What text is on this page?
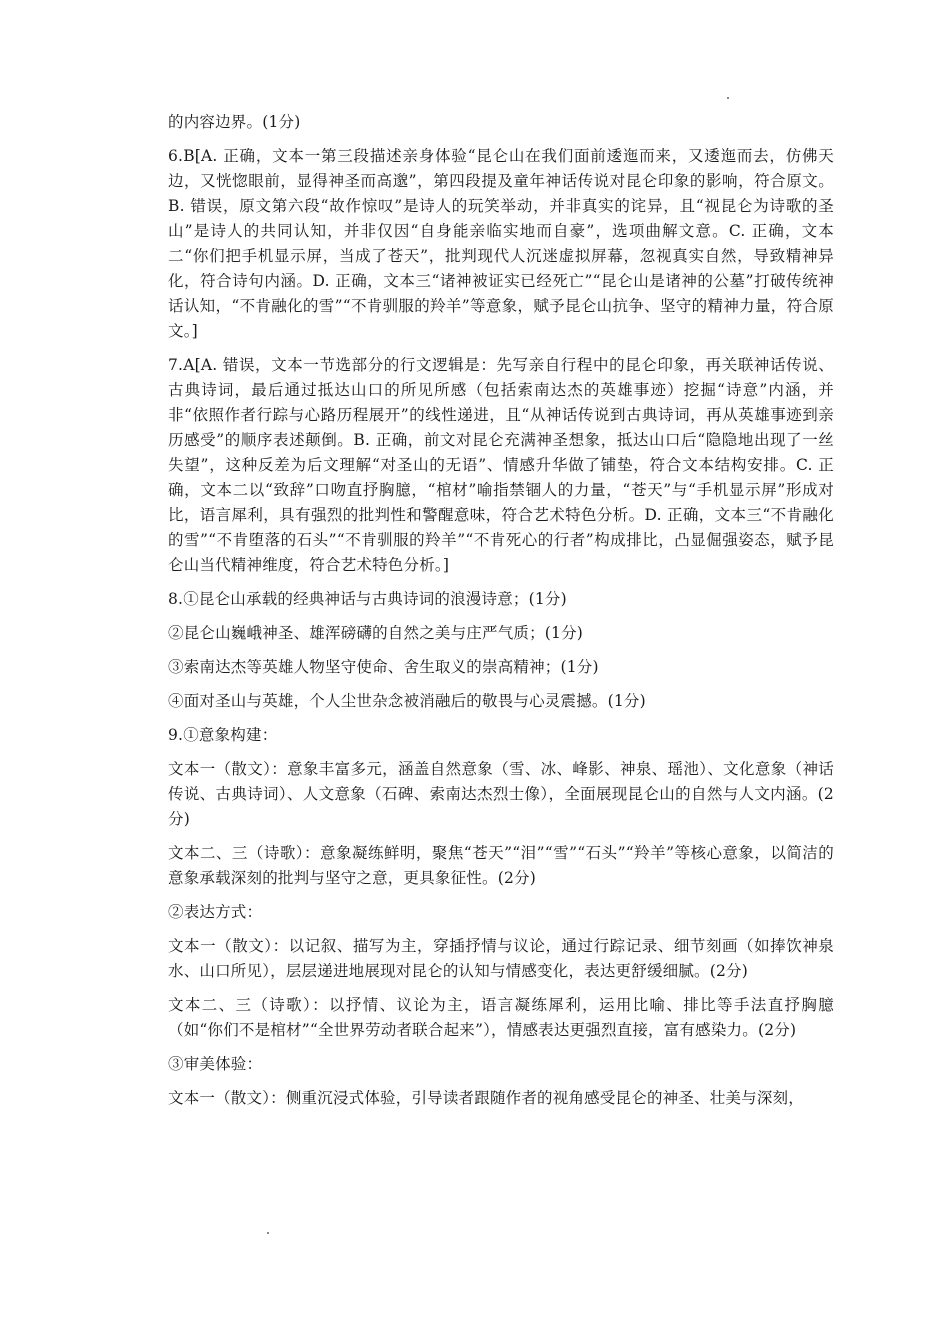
的内容边界。(1分)

6.B[A. 正确，文本一第三段描述亲身体验“昆仑山在我们面前逶迤而来，又逶迤而去，仿佛天边，又恍惚眼前，显得神圣而高邈”，第四段提及童年神话传说对昆仑印象的影响，符合原文。B. 错误，原文第六段“故作惊叹”是诗人的玩笑举动，并非真实的诧异，且“视昆仑为诗歌的圣山”是诗人的共同认知，并非仅因“自身能亲临实地而自豪”，选项曲解文意。C. 正确，文本二“你们把手机显示屏，当成了苍天”，批判现代人沉迷虚拟屏幕，忽视真实自然，导致精神异化，符合诗句内涵。D. 正确，文本三“诸神被证实已经死亡”“昆仑山是诸神的公墓”打破传统神话认知，“不肯融化的雪”“不肯驯服的羚羊”等意象，赋予昆仑山抗争、坚守的精神力量，符合原文。]

7.A[A. 错误，文本一节选部分的行文逻辑是：先写亲自行程中的昆仑印象，再关联神话传说、古典诗词，最后通过抵达山口的所见所感（包括索南达杰的英雄事迹）挖掘“诗意”内涵，并非“依照作者行踪与心路历程展开”的线性递进，且“从神话传说到古典诗词，再从英雄事迹到亲历感受”的顺序表述颠倒。B. 正确，前文对昆仑充满神圣想象，抵达山口后“隐隐地出现了一丝失望”，这种反差为后文理解“对圣山的无语”、情感升华做了铺垫，符合文本结构安排。C. 正确，文本二以“致辞”口吻直抒胸臆，“棺材”喻指禁锢人的力量，“苍天”与“手机显示屏”形成对比，语言犀利，具有强烈的批判性和警醒意味，符合艺术特色分析。D. 正确，文本三“不肯融化的雪”“不肯堕落的石头”“不肯驯服的羚羊”“不肯死心的行者”构成排比，凸显倔强姿态，赋予昆仑山当代精神维度，符合艺术特色分析。]

8.①昆仑山承载的经典神话与古典诗词的浪漫诗意；(1分)

②昆仑山巍峨神圣、雄浑磅礴的自然之美与庄严气质；(1分)

③索南达杰等英雄人物坚守使命、舍生取义的崇高精神；(1分)

④面对圣山与英雄，个人尘世杂念被消融后的敬畏与心灵震撼。(1分)

9.①意象构建：

文本一（散文）：意象丰富多元，涵盖自然意象（雪、冰、峰影、神泉、瑶池）、文化意象（神话传说、古典诗词）、人文意象（石碑、索南达杰烈士像），全面展现昆仑山的自然与人文内涵。(2分)

文本二、三（诗歌）：意象凝练鲜明，聚焦“苍天”“泪”“雪”“石头”“羚羊”等核心意象，以简洁的意象承载深刻的批判与坚守之意，更具象征性。(2分)

②表达方式：

文本一（散文）：以记叙、描写为主，穿插抒情与议论，通过行踪记录、细节刻画（如捧饮神泉水、山口所见），层层递进地展现对昆仑的认知与情感变化，表达更舒缓细腻。(2分)

文本二、三（诗歌）：以抒情、议论为主，语言凝练犀利，运用比喻、排比等手法直抒胸臆（如“你们不是棺材”“全世界劳动者联合起来”），情感表达更强烈直接，富有感染力。(2分)

③审美体验：

文本一（散文）：侧重沉浸式体验，引导读者跟随作者的视角感受昆仑的神圣、壮美与深刻，
